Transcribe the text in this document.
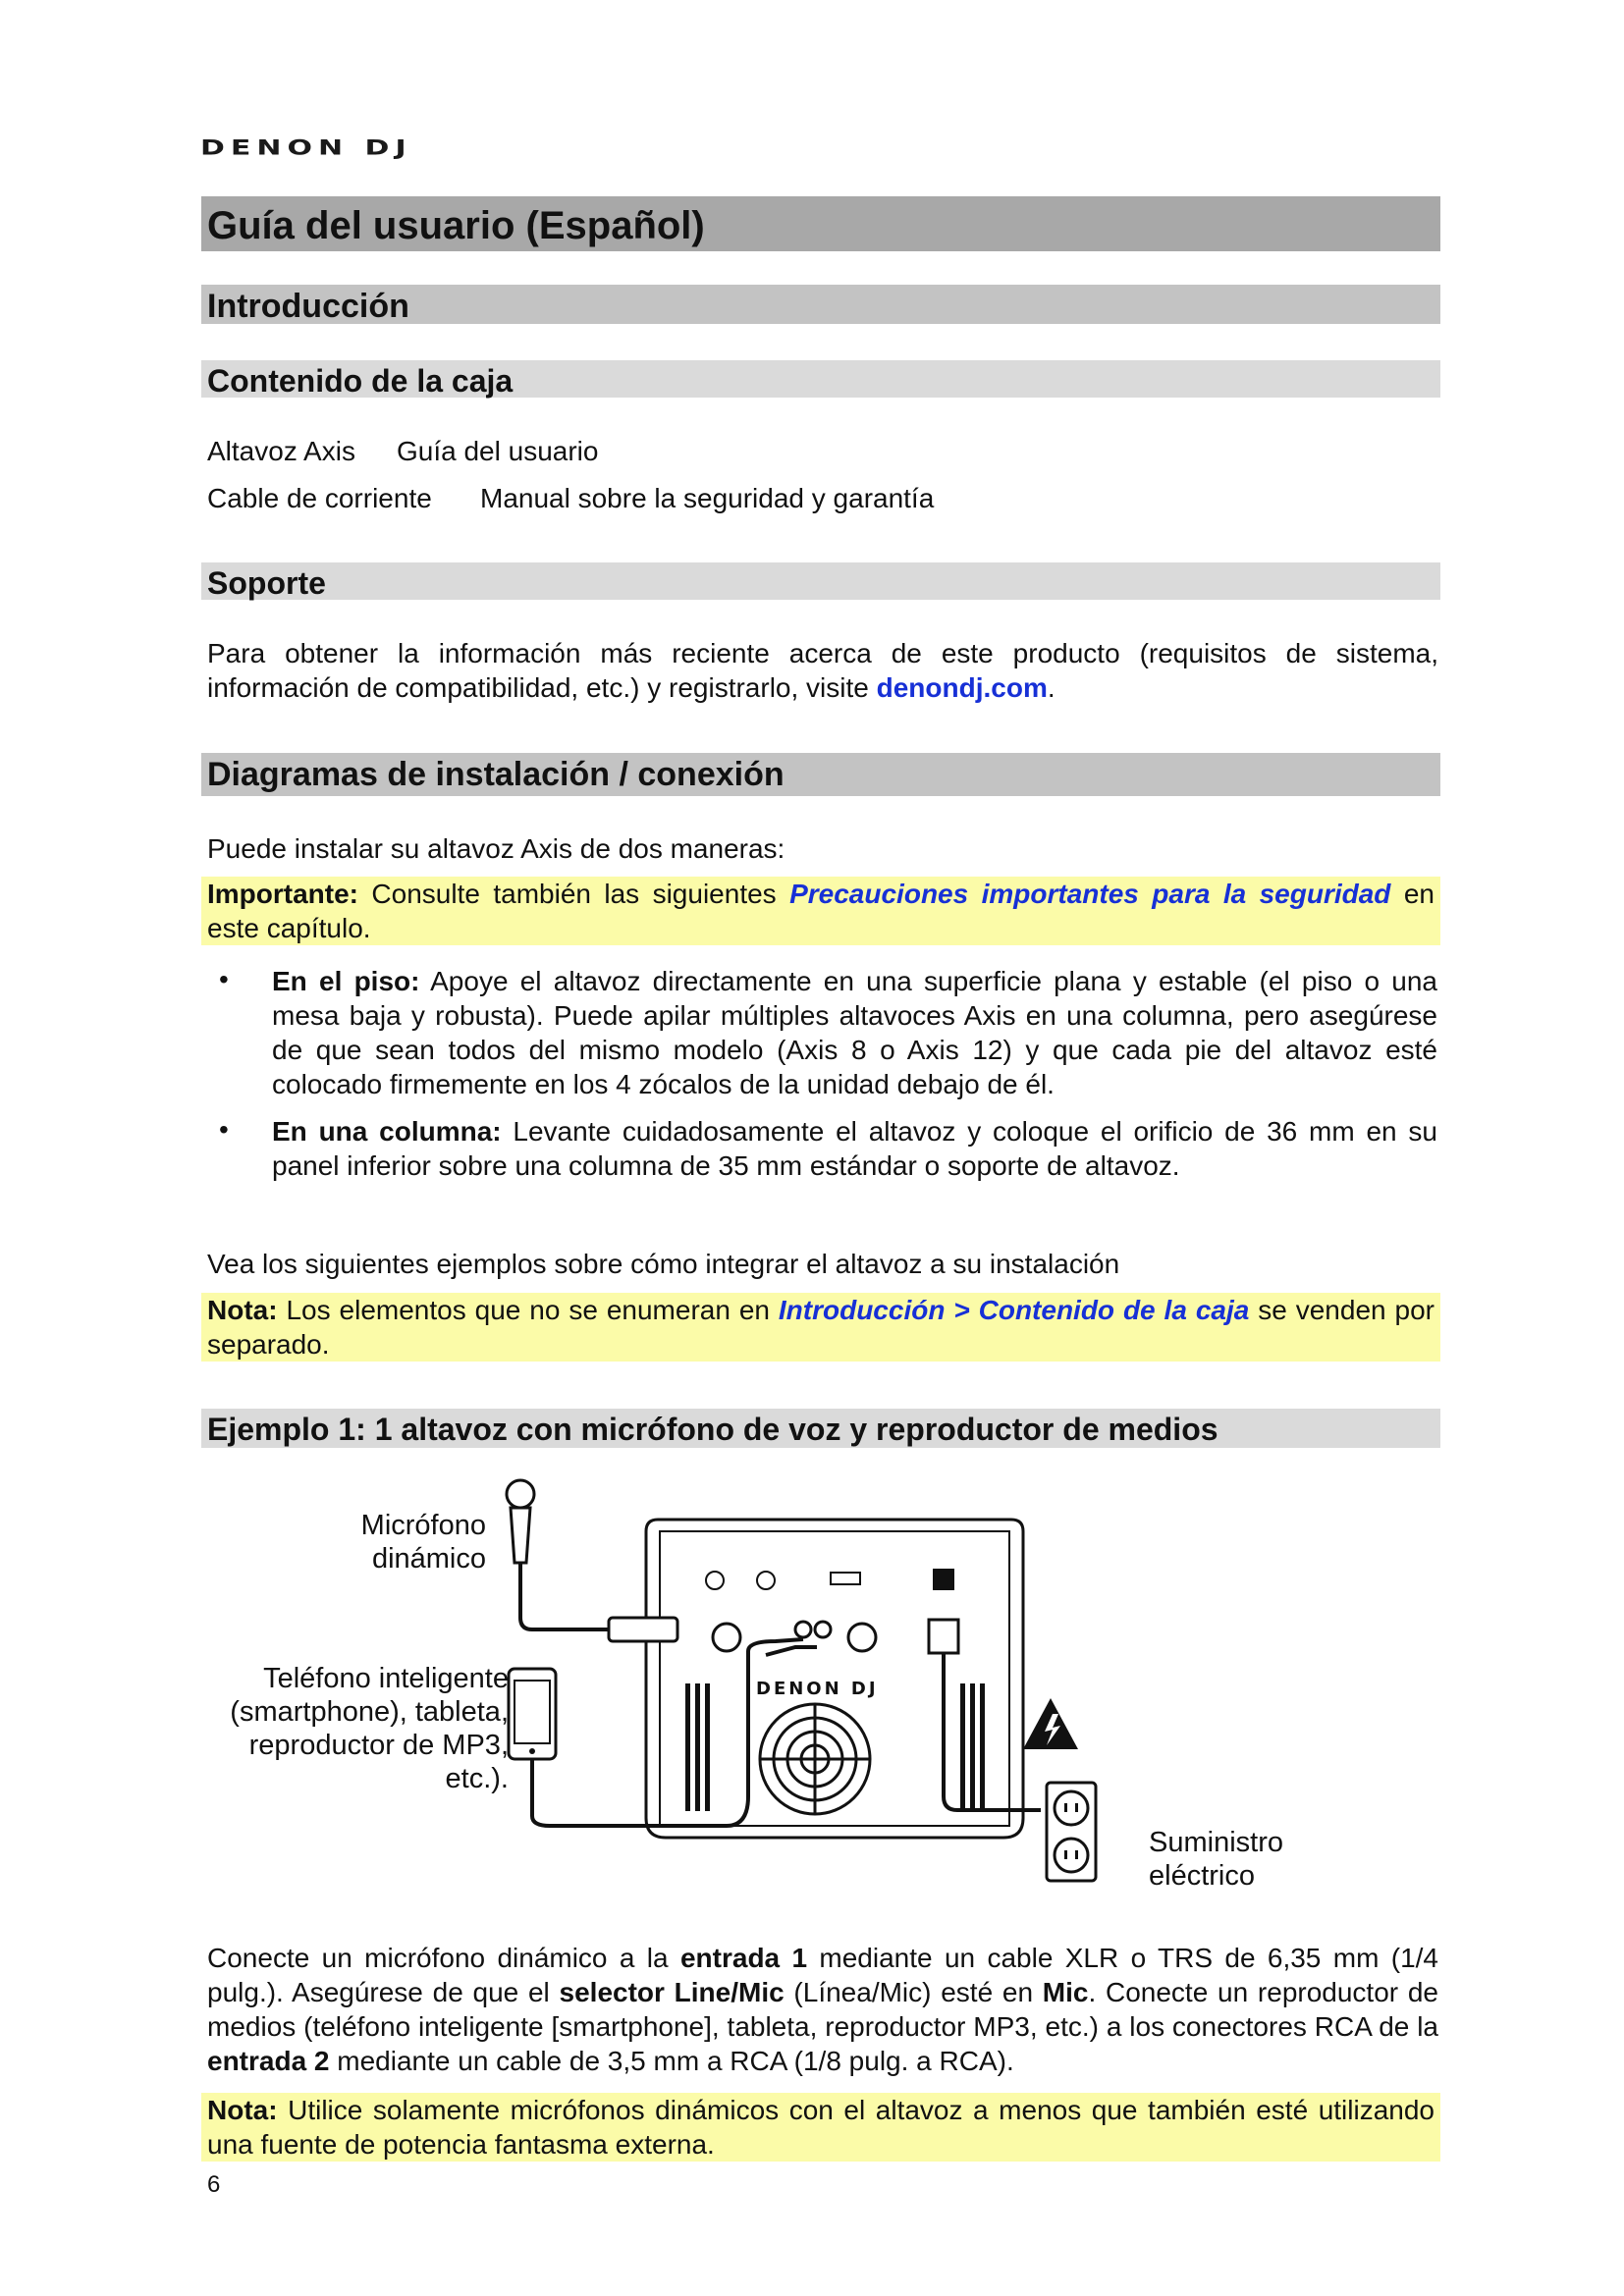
DENON DJ
Guía del usuario (Español)
Introducción
Contenido de la caja
Altavoz Axis Guía del usuario
Cable de corriente Manual sobre la seguridad y garantía
Soporte
Para obtener la información más reciente acerca de este producto (requisitos de sistema, información de compatibilidad, etc.) y registrarlo, visite denondj.com.
Diagramas de instalación / conexión
Puede instalar su altavoz Axis de dos maneras:
Importante: Consulte también las siguientes Precauciones importantes para la seguridad en este capítulo.
• En el piso: Apoye el altavoz directamente en una superficie plana y estable (el piso o una mesa baja y robusta). Puede apilar múltiples altavoces Axis en una columna, pero asegúrese de que sean todos del mismo modelo (Axis 8 o Axis 12) y que cada pie del altavoz esté colocado firmemente en los 4 zócalos de la unidad debajo de él.
• En una columna: Levante cuidadosamente el altavoz y coloque el orificio de 36 mm en su panel inferior sobre una columna de 35 mm estándar o soporte de altavoz.
Vea los siguientes ejemplos sobre cómo integrar el altavoz a su instalación
Nota: Los elementos que no se enumeran en Introducción > Contenido de la caja se venden por separado.
Ejemplo 1: 1 altavoz con micrófono de voz y reproductor de medios
Micrófono
dinámico
Teléfono inteligente
(smartphone), tableta,
reproductor de MP3,
etc.).
Suministro
eléctrico
DENON DJ
Conecte un micrófono dinámico a la entrada 1 mediante un cable XLR o TRS de 6,35 mm (1/4 pulg.). Asegúrese de que el selector Line/Mic (Línea/Mic) esté en Mic. Conecte un reproductor de medios (teléfono inteligente [smartphone], tableta, reproductor MP3, etc.) a los conectores RCA de la entrada 2 mediante un cable de 3,5 mm a RCA (1/8 pulg. a RCA).
Nota: Utilice solamente micrófonos dinámicos con el altavoz a menos que también esté utilizando una fuente de potencia fantasma externa.
6
